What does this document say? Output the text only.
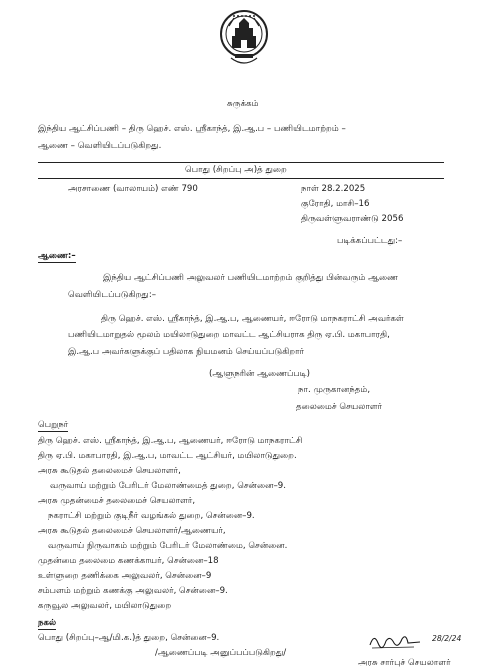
சுருக்கம்
இந்திய ஆட்சிப்பணி – திரு ஹெச். எஸ். ஸ்ரீகாந்த், இ.ஆ.ப – பணியிடமாற்றம் –
ஆணை – வெளியிடப்படுகிறது.
பொது (சிறப்பு அ)த் துறை
அரசாணை (வாலாயம்) எண் 790	நாள் 28.2.2025
குரோதி, மாசி–16
திருவள்ளுவராண்டு 2056
படிக்கப்பட்டது:–
ஆணை:–
இந்திய ஆட்சிப்பணி அலுவலர் பணியிடமாற்றம் குறித்து பின்வரும் ஆணை
வெளியிடப்படுகிறது:–
திரு ஹெச். எஸ். ஸ்ரீகாந்த், இ.ஆ.ப, ஆணையர், ஈரோடு மாநகராட்சி அவர்கள்
பணியிடமாறுதல் மூலம் மயிலாடுதுறை மாவட்ட ஆட்சியராக திரு ஏ.பி. மகாபாரதி,
இ.ஆ.ப அவர்களுக்குப் பதிலாக நியமனம் செய்யப்படுகிறார்
(ஆளுநரின் ஆணைப்படி)
நா. முருகானந்தம்,
தலைமைச் செயலாளர்
பெறுநர்
திரு ஹெச். எஸ். ஸ்ரீகாந்த், இ.ஆ.ப, ஆணையர், ஈரோடு மாநகராட்சி
திரு ஏ.பி. மகாபாரதி, இ.ஆ.ப, மாவட்ட ஆட்சியர், மயிலாடுதுறை.
அரசு கூடுதல் தலைமைச் செயலாளர்,
வருவாய் மற்றும் பேரிடர் மேலாண்மைத் துறை, சென்னை–9.
அரசு முதன்மைச் தலைமைச் செயலாளர்,
நகராட்சி மற்றும் குடிநீர் வழங்கல் துறை, சென்னை–9.
அரசு கூடுதல் தலைமைச் செயலாளர்/ஆணையர்,
வருவாய் நிருவாகம் மற்றும் பேரிடர் மேலாண்மை, சென்னை.
முதன்மை தலைமை கணக்காயர், சென்னை–18
உள்ளுறை தணிக்கை அலுவலர், சென்னை–9
சம்பளம் மற்றும் கணக்கு அலுவலர், சென்னை–9.
கருவூல அலுவலர், மயிலாடுதுறை
நகல்
பொது (சிறப்பு–ஆ/மி.க.)த் துறை, சென்னை–9.
/ஆணைப்படி அனுப்பப்படுகிறது/
28/2/24
அரசு சார்புச் செயலாளர்
